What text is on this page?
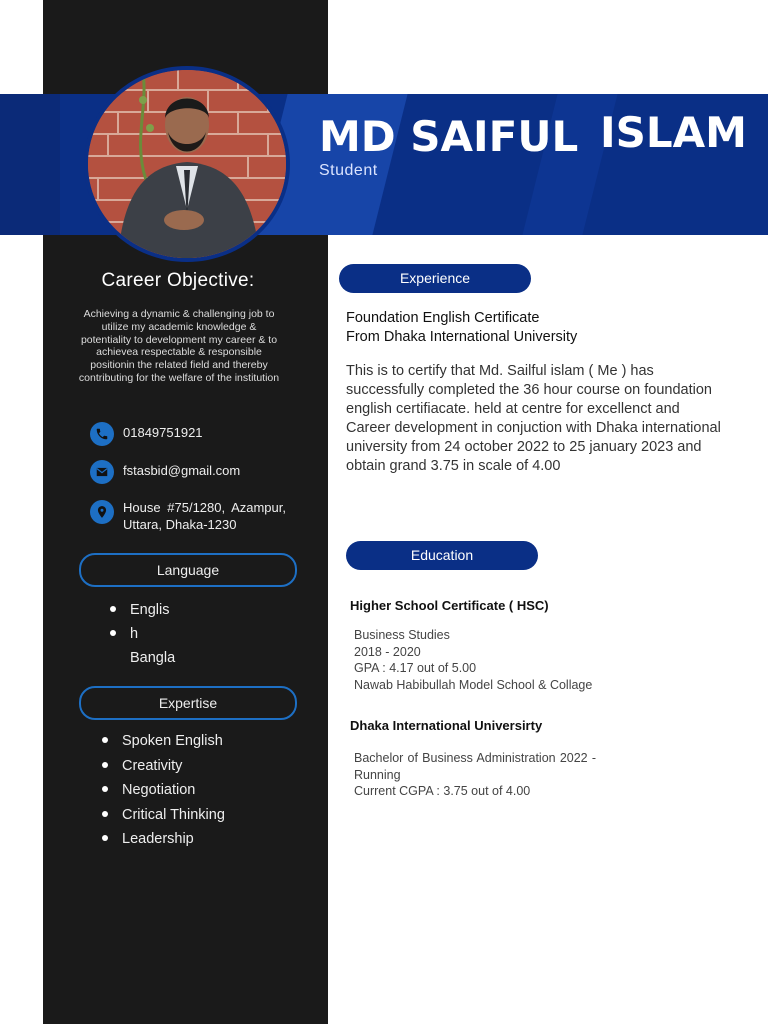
MD SAIFUL ISLAM
Student
Career Objective:
Achieving a dynamic & challenging job to utilize my academic knowledge & potentiality to development my career & to achievea respectable & responsible positionin the related field and thereby contributing for the welfare of the institution
01849751921
fstasbid@gmail.com
House #75/1280, Azampur, Uttara, Dhaka-1230
Language
Englis
h
Bangla
Expertise
Spoken English
Creativity
Negotiation
Critical Thinking
Leadership
Experience
Foundation English Certificate
From Dhaka International University
This is to certify that Md. Sailful islam ( Me ) has successfully completed the 36 hour course on foundation english certifiacate. held at centre for excellenct and Career development in conjuction with Dhaka international university from 24 october 2022 to 25 january 2023 and obtain grand 3.75 in scale of 4.00
Education
Higher School Certificate ( HSC)
Business Studies
2018 - 2020
GPA : 4.17 out of 5.00
Nawab Habibullah Model School & Collage
Dhaka International Universirty
Bachelor of Business Administration 2022 - Running
Current CGPA : 3.75 out of 4.00
